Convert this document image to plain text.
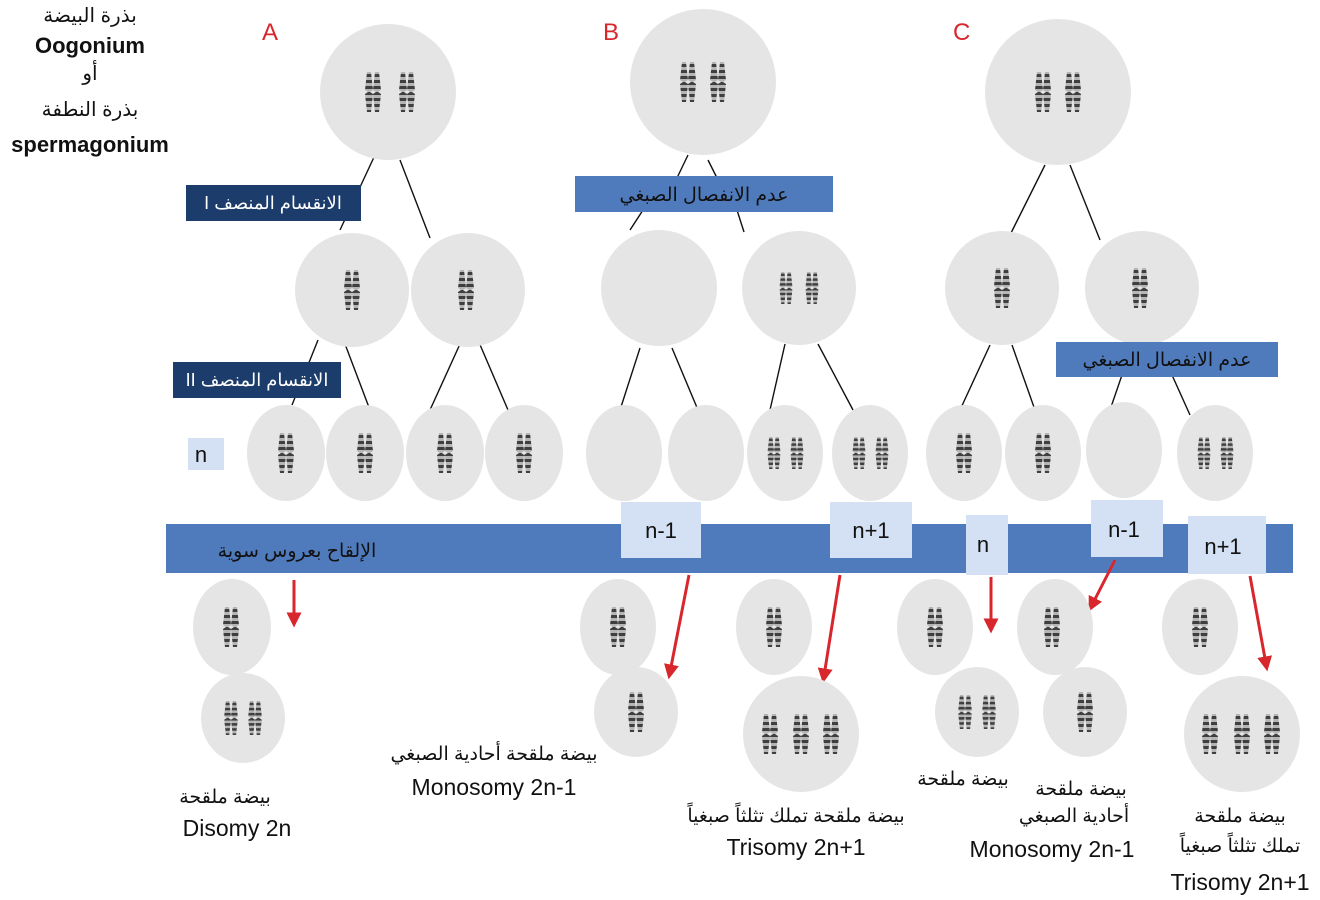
بذرة البيضة
Oogonium
أو
بذرة النطفة
spermagonium
A	B	C
الانقسام المنصف I
الانقسام المنصف II
عدم الانفصال الصبغي
عدم الانفصال الصبغي
n
الإلقاح بعروس سوية
n-1	n+1
n
n-1
n+1
بيضة ملقحة
Disomy 2n
بيضة ملقحة أحادية الصبغي
Monosomy 2n-1
بيضة ملقحة تملك تثلثاً صبغياً
Trisomy 2n+1
بيضة ملقحة بيضة ملقحة
أحادية الصبغي
Monosomy 2n-1
بيضة ملقحة
تملك تثلثاً صبغياً
Trisomy 2n+1
